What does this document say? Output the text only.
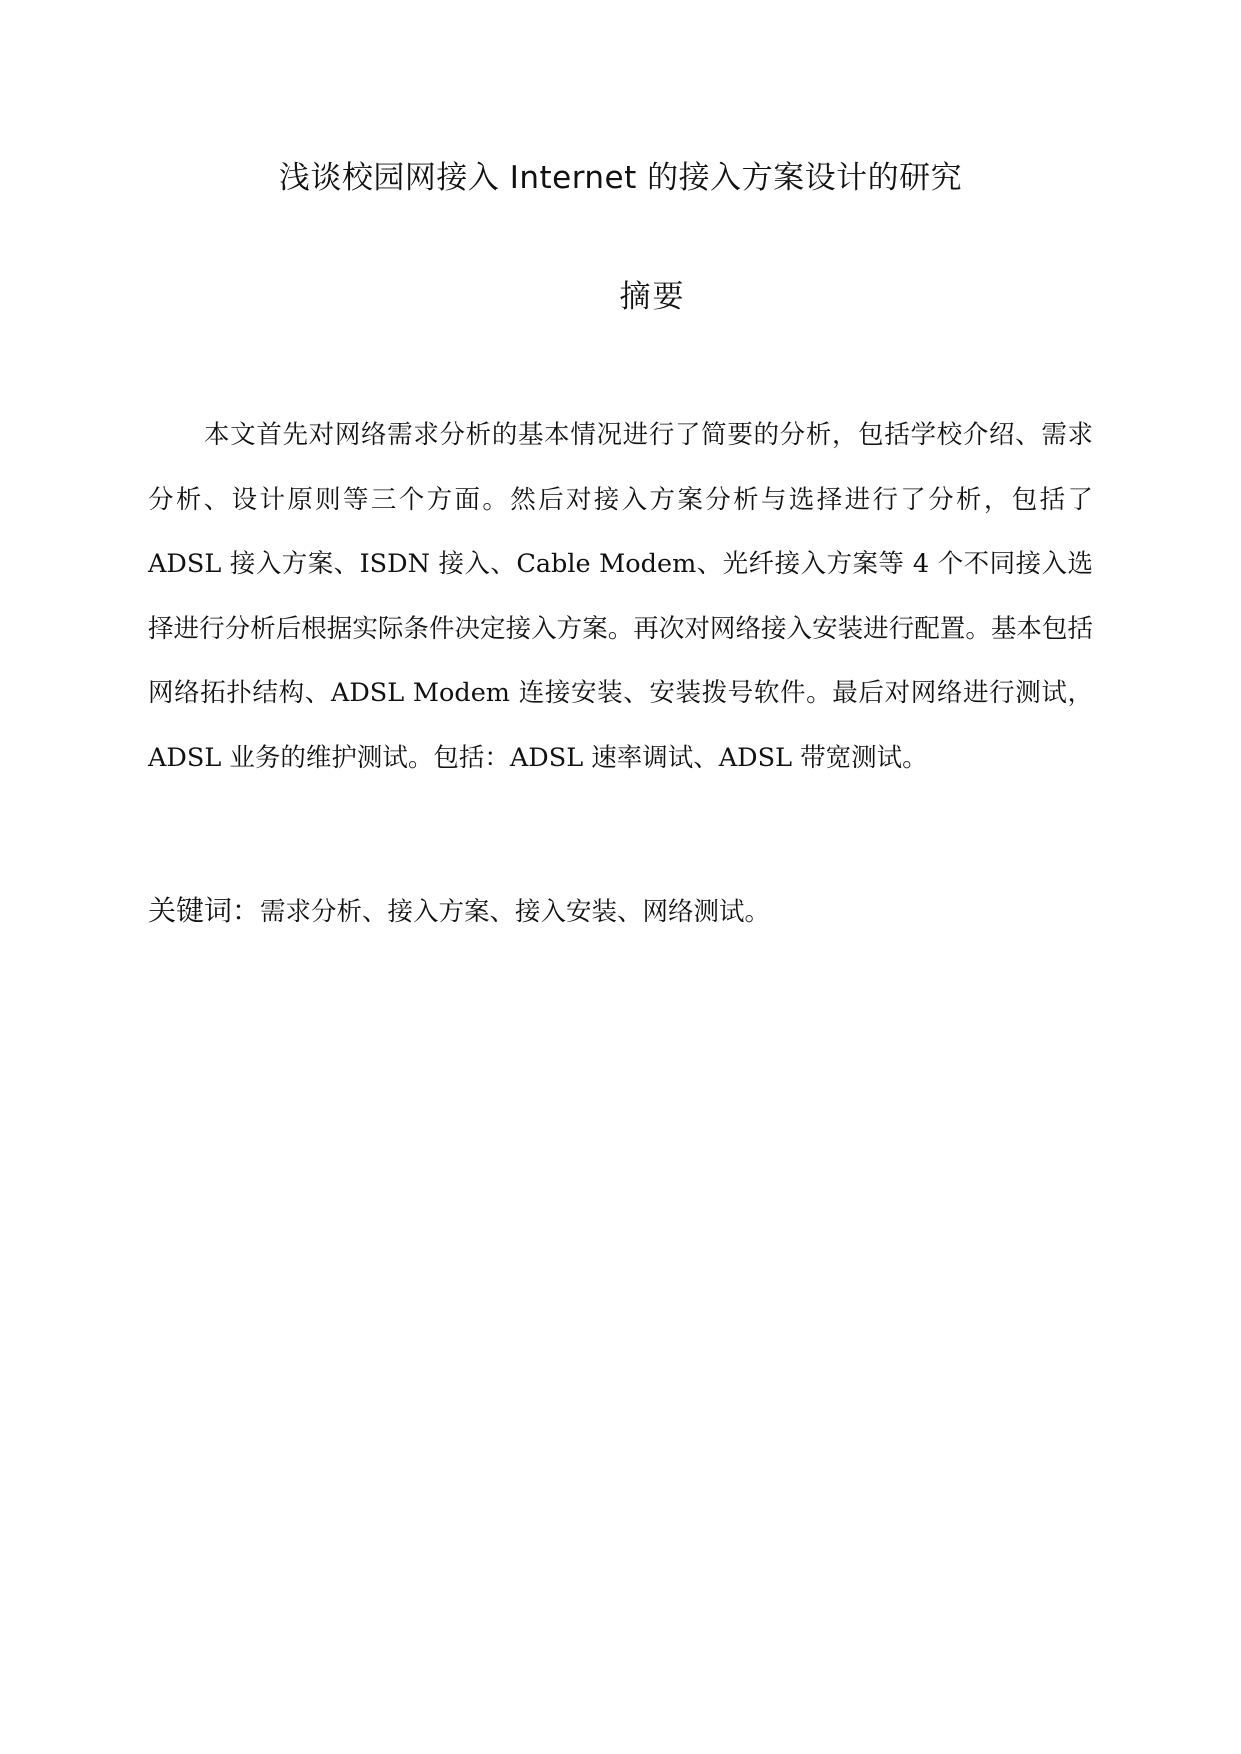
浅谈校园网接入 Internet 的接入方案设计的研究
摘要

本文首先对网络需求分析的基本情况进行了简要的分析，包括学校介绍、需求分析、设计原则等三个方面。然后对接入方案分析与选择进行了分析，包括了 ADSL 接入方案、ISDN 接入、Cable Modem、光纤接入方案等 4 个不同接入选择进行分析后根据实际条件决定接入方案。再次对网络接入安装进行配置。基本包括网络拓扑结构、ADSL Modem 连接安装、安装拨号软件。最后对网络进行测试，ADSL 业务的维护测试。包括：ADSL 速率调试、ADSL 带宽测试。

关键词：需求分析、接入方案、接入安装、网络测试。
